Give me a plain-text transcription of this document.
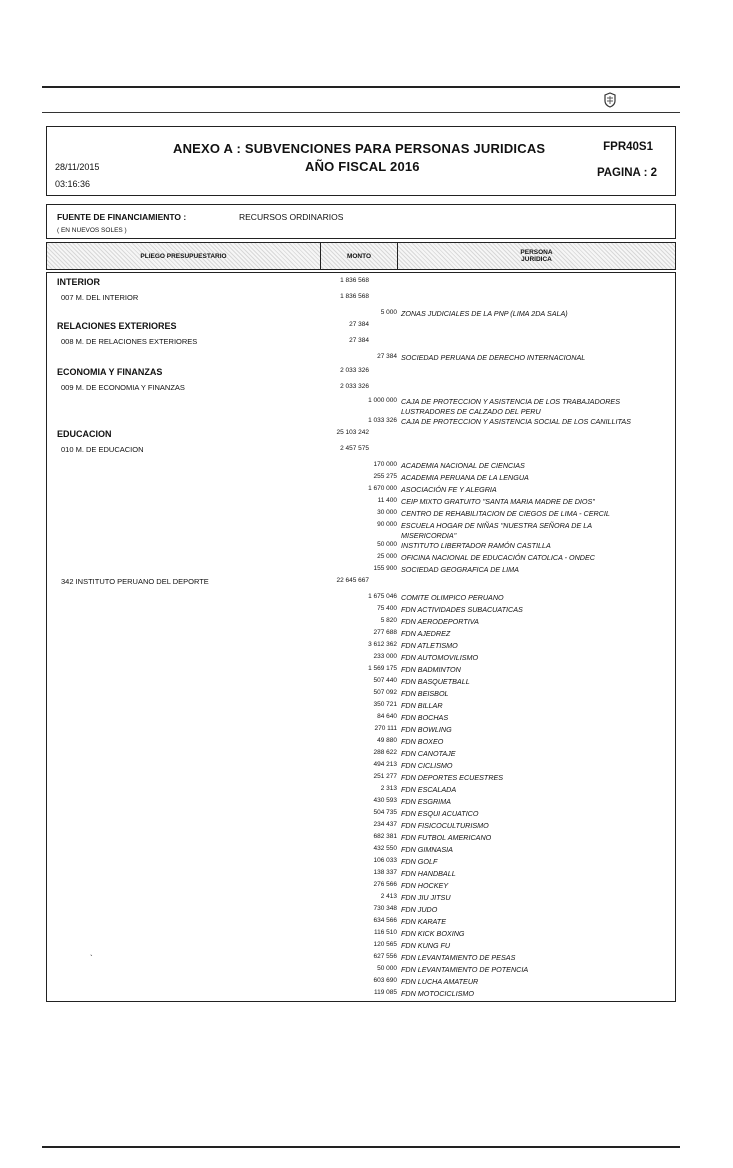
ANEXO A : SUBVENCIONES PARA PERSONAS JURIDICAS
AÑO FISCAL 2016
FPR40S1
PAGINA : 2
28/11/2015
03:16:36
FUENTE DE FINANCIAMIENTO :	RECURSOS ORDINARIOS
( EN NUEVOS SOLES )
PLIEGO PRESUPUESTARIO	MONTO	PERSONA
JURIDICA
INTERIOR	1 836 568
007 M. DEL INTERIOR	1 836 568
5 000 ZONAS JUDICIALES DE LA PNP (LIMA 2DA SALA)
RELACIONES EXTERIORES	27 384
008 M. DE RELACIONES EXTERIORES	27 384
27 384 SOCIEDAD PERUANA DE DERECHO INTERNACIONAL
ECONOMIA Y FINANZAS	2 033 326
009 M. DE ECONOMIA Y FINANZAS	2 033 326
1 000 000 CAJA DE PROTECCION Y ASISTENCIA DE LOS TRABAJADORES
LUSTRADORES DE CALZADO DEL PERU
1 033 326 CAJA DE PROTECCION Y ASISTENCIA SOCIAL DE LOS CANILLITAS
EDUCACION	25 103 242
010 M. DE EDUCACION	2 457 575
170 000 ACADEMIA NACIONAL DE CIENCIAS
255 275 ACADEMIA PERUANA DE LA LENGUA
1 670 000 ASOCIACIÓN FE Y ALEGRIA
11 400 CEIP MIXTO GRATUITO "SANTA MARIA MADRE DE DIOS"
30 000 CENTRO DE REHABILITACION DE CIEGOS DE LIMA - CERCIL
90 000 ESCUELA HOGAR DE NIÑAS "NUESTRA SEÑORA DE LA
MISERICORDIA"
50 000 INSTITUTO LIBERTADOR RAMÓN CASTILLA
25 000 OFICINA NACIONAL DE EDUCACIÓN CATOLICA - ONDEC
155 900 SOCIEDAD GEOGRAFICA DE LIMA
342 INSTITUTO PERUANO DEL DEPORTE	22 645 667
1 675 046 COMITE OLIMPICO PERUANO
75 400 FDN ACTIVIDADES SUBACUATICAS
5 820 FDN AERODEPORTIVA
277 688 FDN AJEDREZ
3 612 362 FDN ATLETISMO
233 000 FDN AUTOMOVILISMO
1 569 175 FDN BADMINTON
507 440 FDN BASQUETBALL
507 092 FDN BEISBOL
350 721 FDN BILLAR
84 640 FDN BOCHAS
270 111 FDN BOWLING
49 880 FDN BOXEO
288 622 FDN CANOTAJE
494 213 FDN CICLISMO
251 277 FDN DEPORTES ECUESTRES
2 313 FDN ESCALADA
430 593 FDN ESGRIMA
504 735 FDN ESQUI ACUATICO
234 437 FDN FISICOCULTURISMO
682 381 FDN FUTBOL AMERICANO
432 550 FDN GIMNASIA
106 033 FDN GOLF
138 337 FDN HANDBALL
276 566 FDN HOCKEY
2 413 FDN JIU JITSU
730 348 FDN JUDO
634 566 FDN KARATE
116 510 FDN KICK BOXING
120 565 FDN KUNG FU
627 556 FDN LEVANTAMIENTO DE PESAS
50 000 FDN LEVANTAMIENTO DE POTENCIA
603 690 FDN LUCHA AMATEUR
119 085 FDN MOTOCICLISMO
`
